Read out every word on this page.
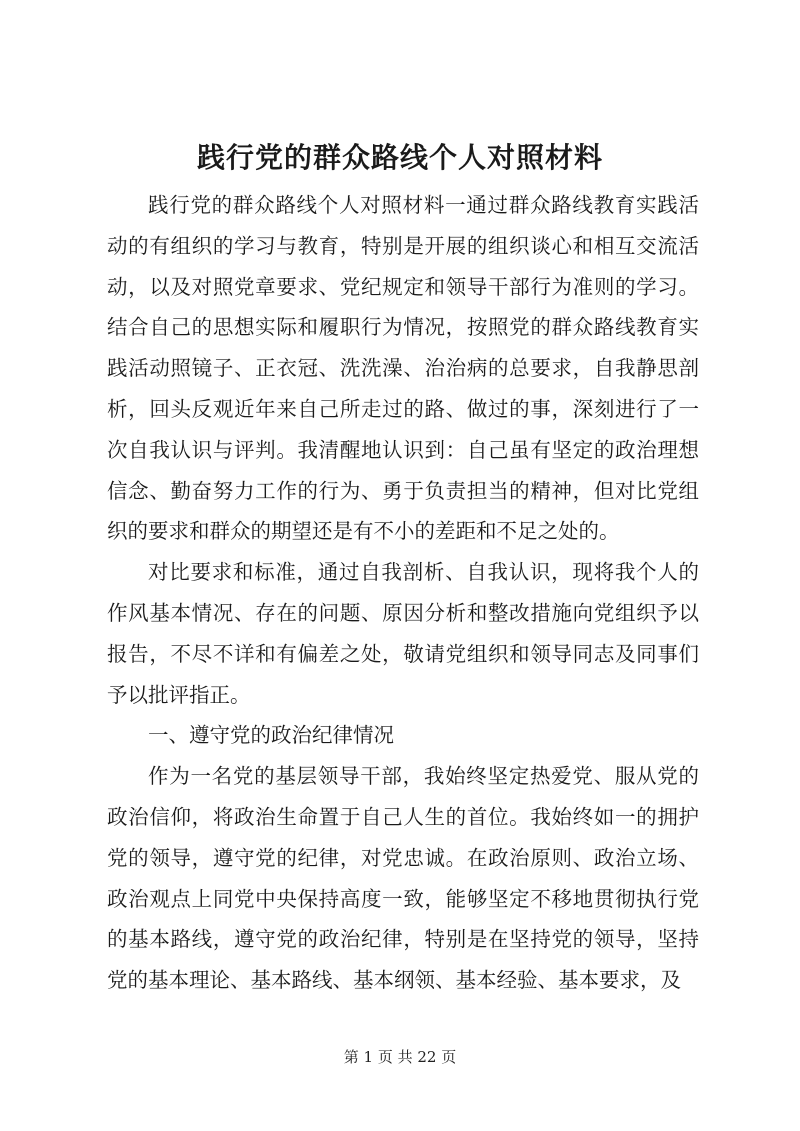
践行党的群众路线个人对照材料

践行党的群众路线个人对照材料一通过群众路线教育实践活动的有组织的学习与教育，特别是开展的组织谈心和相互交流活动，以及对照党章要求、党纪规定和领导干部行为准则的学习。结合自己的思想实际和履职行为情况，按照党的群众路线教育实践活动照镜子、正衣冠、洗洗澡、治治病的总要求，自我静思剖析，回头反观近年来自己所走过的路、做过的事，深刻进行了一次自我认识与评判。我清醒地认识到：自己虽有坚定的政治理想信念、勤奋努力工作的行为、勇于负责担当的精神，但对比党组织的要求和群众的期望还是有不小的差距和不足之处的。

对比要求和标准，通过自我剖析、自我认识，现将我个人的作风基本情况、存在的问题、原因分析和整改措施向党组织予以报告，不尽不详和有偏差之处，敬请党组织和领导同志及同事们予以批评指正。

一、遵守党的政治纪律情况

作为一名党的基层领导干部，我始终坚定热爱党、服从党的政治信仰，将政治生命置于自己人生的首位。我始终如一的拥护党的领导，遵守党的纪律，对党忠诚。在政治原则、政治立场、政治观点上同党中央保持高度一致，能够坚定不移地贯彻执行党的基本路线，遵守党的政治纪律，特别是在坚持党的领导，坚持党的基本理论、基本路线、基本纲领、基本经验、基本要求，及

第 1 页 共 22 页
